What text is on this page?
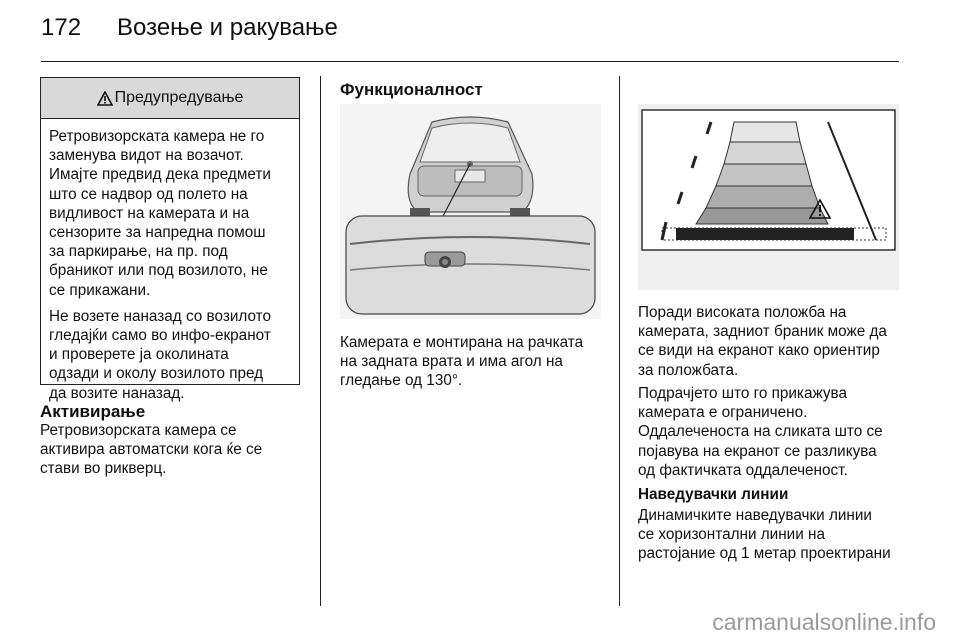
172 Возење и ракување
Предупредување

Ретровизорската камера не го
заменува видот на возачот.
Имајте предвид дека предмети
што се надвор од полето на
видливост на камерата и на
сензорите за напредна помош
за паркирање, на пр. под
браникот или под возилото, не
се прикажани.

Не возете наназад со возилото
гледајќи само во инфо-екранот
и проверете ја околината
одзади и околу возилото пред
да возите наназад.

Активирање
Ретровизорската камера се
активира автоматски кога ќе се
стави во рикверц.
Функционалност
Камерата е монтирана на рачката
на задната врата и има агол на
гледање од 130°.
Поради високата положба на
камерата, задниот браник може да
се види на екранот како ориентир
за положбата.
Подрачјето што го прикажува
камерата е ограничено.
Оддалеченоста на сликата што се
појавува на екранот се разликува
од фактичката оддалеченост.
Наведувачки линии
Динамичките наведувачки линии
се хоризонтални линии на
растојание од 1 метар проектирани
carmanualsonline.info
